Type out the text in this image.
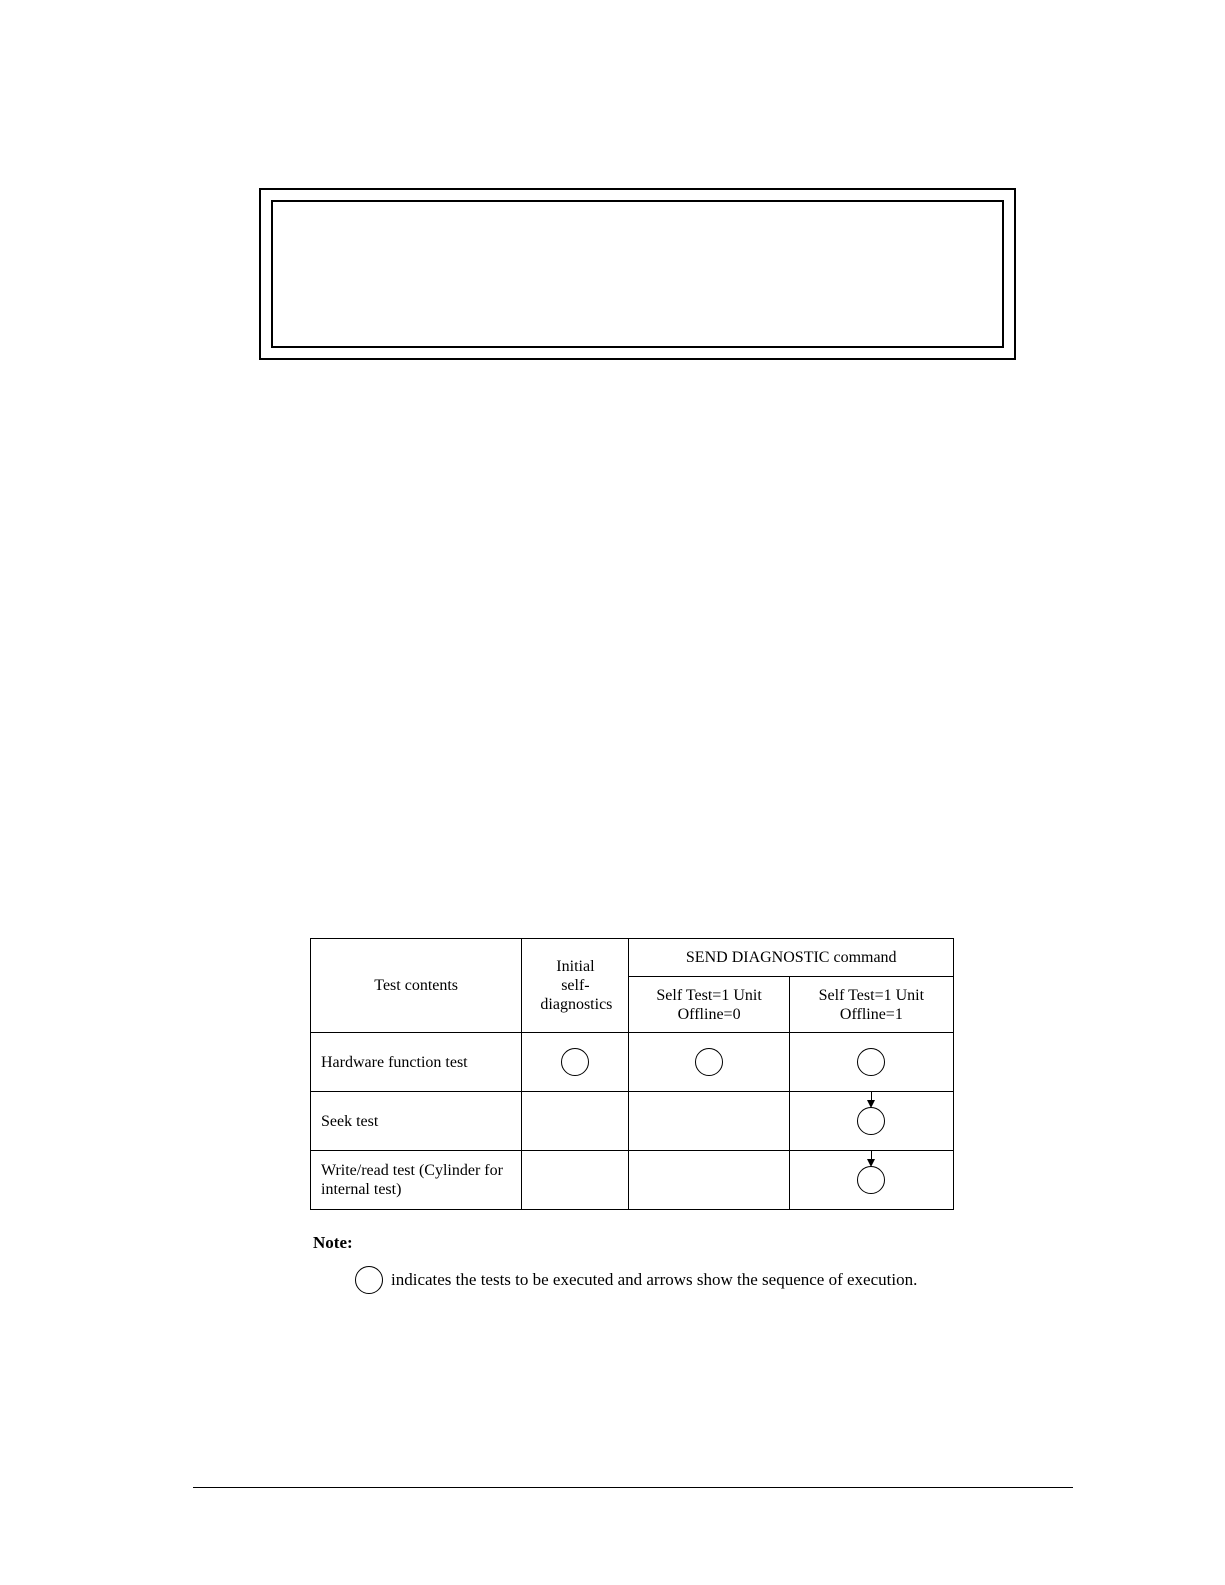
Test contents	Initial self- diagnostics	SEND DIAGNOSTIC command	

		Self Test=1 Unit Offline=0	Self Test=1 Unit Offline=1

Hardware function test			

Seek test			

Write/read test (Cylinder for internal test)			

Note:
indicates the tests to be executed and arrows show the sequence of execution.
